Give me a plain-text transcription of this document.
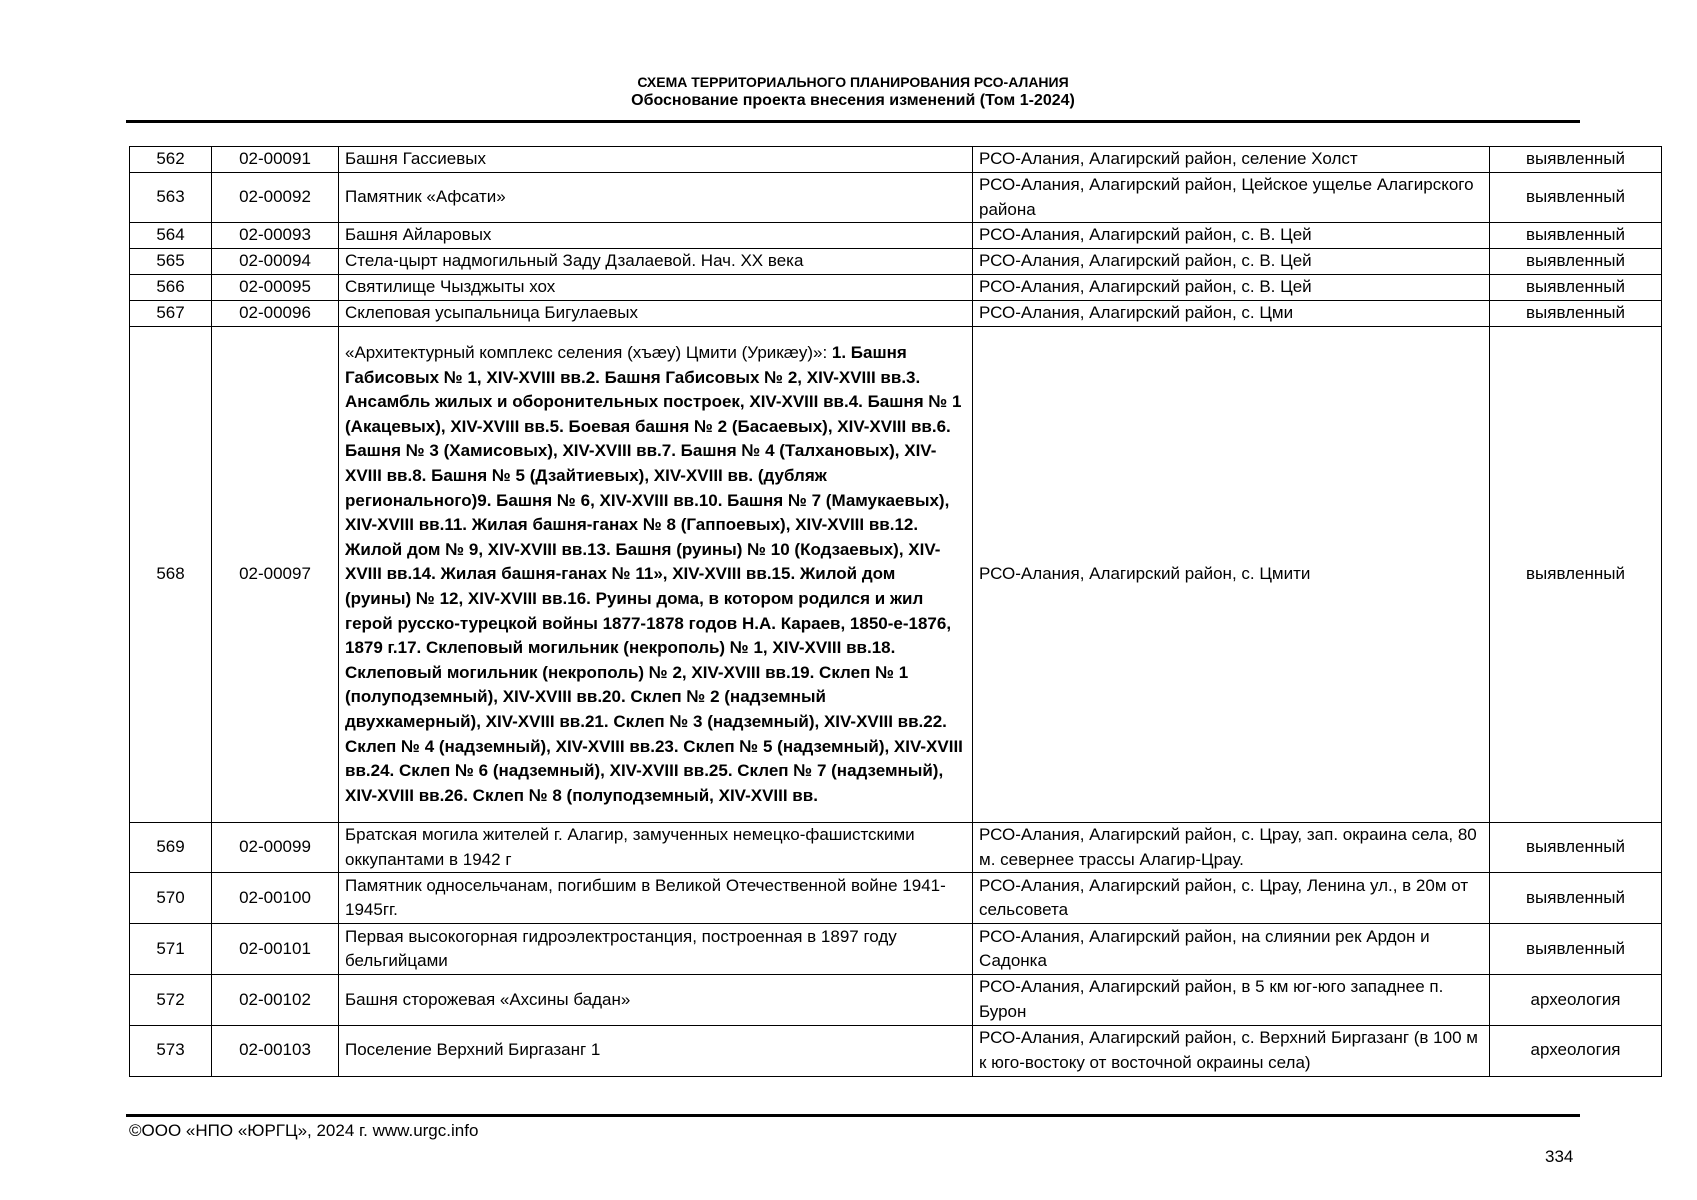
СХЕМА ТЕРРИТОРИАЛЬНОГО ПЛАНИРОВАНИЯ РСО-АЛАНИЯ
Обоснование проекта внесения изменений (Том 1-2024)
562	02-00091	Башня Гассиевых	РСО-Алания, Алагирский район, селение Холст	выявленный
563	02-00092	Памятник «Афсати»	РСО-Алания, Алагирский район, Цейское ущелье Алагирского района	выявленный
564	02-00093	Башня Айларовых	РСО-Алания, Алагирский район, с. В. Цей	выявленный
565	02-00094	Стела-цырт надмогильный Заду Дзалаевой. Нач. XX века	РСО-Алания, Алагирский район, с. В. Цей	выявленный
566	02-00095	Святилище Чызджыты хох	РСО-Алания, Алагирский район, с. В. Цей	выявленный
567	02-00096	Склеповая усыпальница Бигулаевых	РСО-Алания, Алагирский район, с. Цми	выявленный
568	02-00097	«Архитектурный комплекс селения (хъæу) Цмити (Урикæу)»: 1. Башня Габисовых № 1, XIV-XVIII вв.2. Башня Габисовых № 2, XIV-XVIII вв.3. Ансамбль жилых и оборонительных построек, XIV-XVIII вв.4. Башня № 1 (Акацевых), XIV-XVIII вв.5. Боевая башня № 2 (Басаевых), XIV-XVIII вв.6. Башня № 3 (Хамисовых), XIV-XVIII вв.7. Башня № 4 (Талхановых), XIV-XVIII вв.8. Башня № 5 (Дзайтиевых), XIV-XVIII вв. (дубляж регионального)9. Башня № 6, XIV-XVIII вв.10. Башня № 7 (Мамукаевых), XIV-XVIII вв.11. Жилая башня-ганах № 8 (Гаппоевых), XIV-XVIII вв.12. Жилой дом № 9, XIV-XVIII вв.13. Башня (руины) № 10 (Кодзаевых), XIV-XVIII вв.14. Жилая башня-ганах № 11», XIV-XVIII вв.15. Жилой дом (руины) № 12, XIV-XVIII вв.16. Руины дома, в котором родился и жил герой русско-турецкой войны 1877-1878 годов Н.А. Караев, 1850-е-1876, 1879 г.17. Склеповый могильник (некрополь) № 1, XIV-XVIII вв.18. Склеповый могильник (некрополь) № 2, XIV-XVIII вв.19. Склеп № 1 (полуподземный), XIV-XVIII вв.20. Склеп № 2 (надземный двухкамерный), XIV-XVIII вв.21. Склеп № 3 (надземный), XIV-XVIII вв.22. Склеп № 4 (надземный), XIV-XVIII вв.23. Склеп № 5 (надземный), XIV-XVIII вв.24. Склеп № 6 (надземный), XIV-XVIII вв.25. Склеп № 7 (надземный), XIV-XVIII вв.26. Склеп № 8 (полуподземный, XIV-XVIII вв.	РСО-Алания, Алагирский район, с. Цмити	выявленный
569	02-00099	Братская могила жителей г. Алагир, замученных немецко-фашистскими оккупантами в 1942 г	РСО-Алания, Алагирский район, с. Црау, зап. окраина села, 80 м. севернее трассы Алагир-Црау.	выявленный
570	02-00100	Памятник односельчанам, погибшим в Великой Отечественной войне 1941-1945гг.	РСО-Алания, Алагирский район, с. Црау, Ленина ул., в 20м от сельсовета	выявленный
571	02-00101	Первая высокогорная гидроэлектростанция, построенная в 1897 году бельгийцами	РСО-Алания, Алагирский район, на слиянии рек Ардон и Садонка	выявленный
572	02-00102	Башня сторожевая «Ахсины бадан»	РСО-Алания, Алагирский район, в 5 км юг-юго западнее п. Бурон	археология
573	02-00103	Поселение Верхний Биргазанг 1	РСО-Алания, Алагирский район, с. Верхний Биргазанг (в 100 м к юго-востоку от восточной окраины села)	археология
©ООО «НПО «ЮРГЦ», 2024 г. www.urgc.info
334
